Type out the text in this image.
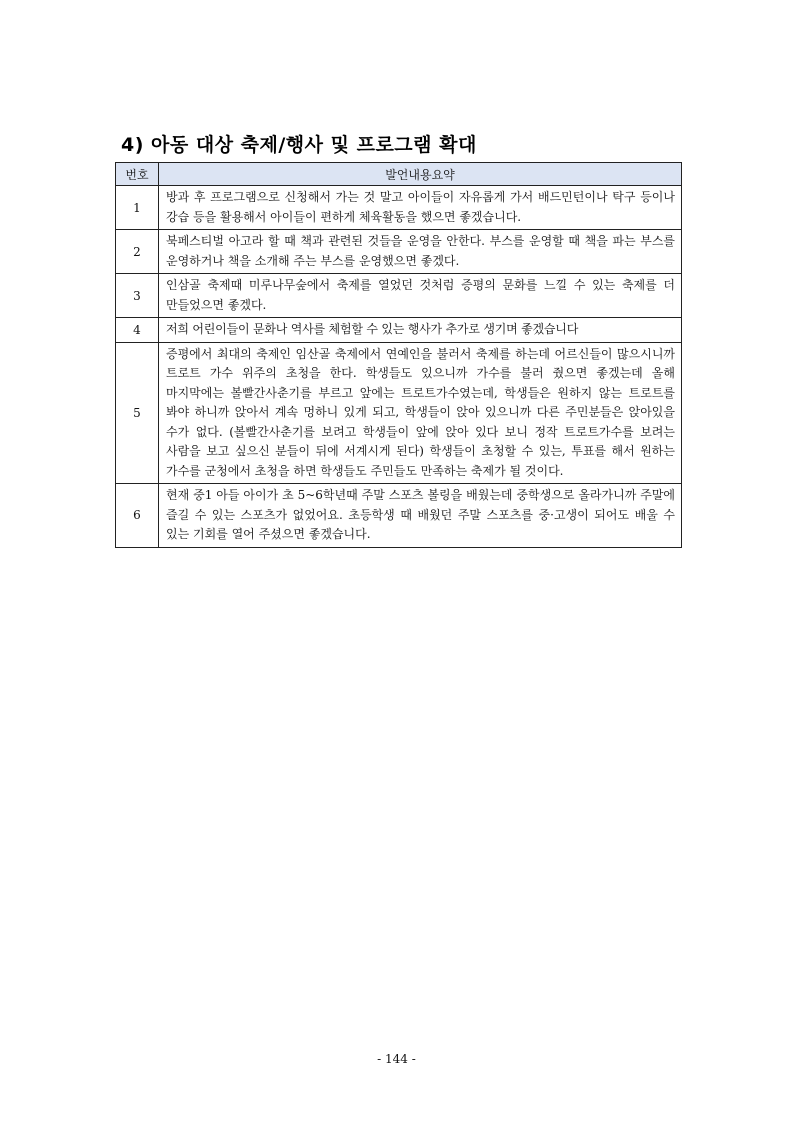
4) 아동 대상 축제/행사 및 프로그램 확대
번호	발언내용요약
1	방과 후 프로그램으로 신청해서 가는 것 말고 아이들이 자유롭게 가서 배드민턴이나 탁구 등이나 강습 등을 활용해서 아이들이 편하게 체육활동을 했으면 좋겠습니다.
2	북페스티벌 아고라 할 때 책과 관련된 것들을 운영을 안한다. 부스를 운영할 때 책을 파는 부스를 운영하거나 책을 소개해 주는 부스를 운영했으면 좋겠다.
3	인삼골 축제때 미루나무숲에서 축제를 열었던 것처럼 증평의 문화를 느낄 수 있는 축제를 더 만들었으면 좋겠다.
4	저희 어린이들이 문화나 역사를 체험할 수 있는 행사가 추가로 생기며 좋겠습니다
5	증평에서 최대의 축제인 임산골 축제에서 연예인을 불러서 축제를 하는데 어르신들이 많으시니까 트로트 가수 위주의 초청을 한다. 학생들도 있으니까 가수를 불러 줬으면 좋겠는데 올해 마지막에는 볼빨간사춘기를 부르고 앞에는 트로트가수였는데, 학생들은 원하지 않는 트로트를 봐야 하니까 앉아서 계속 멍하니 있게 되고, 학생들이 앉아 있으니까 다른 주민분들은 앉아있을 수가 없다. (볼빨간사춘기를 보려고 학생들이 앞에 앉아 있다 보니 정작 트로트가수를 보려는 사람을 보고 싶으신 분들이 뒤에 서계시게 된다) 학생들이 초청할 수 있는, 투표를 해서 원하는 가수를 군청에서 초청을 하면 학생들도 주민들도 만족하는 축제가 될 것이다.
6	현재 중1 아들 아이가 초 5~6학년때 주말 스포츠 볼링을 배웠는데 중학생으로 올라가니까 주말에 즐길 수 있는 스포츠가 없었어요. 초등학생 때 배웠던 주말 스포츠를 중·고생이 되어도 배울 수 있는 기회를 열어 주셨으면 좋겠습니다.
- 144 -
